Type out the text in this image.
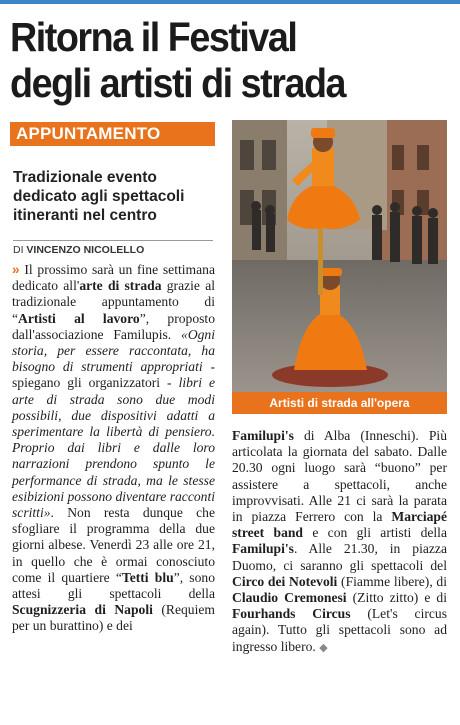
Ritorna il Festival
degli artisti di strada
APPUNTAMENTO
Tradizionale evento dedicato agli spettacoli itineranti nel centro
DI VINCENZO NICOLELLO

» Il prossimo sarà un fine settimana dedicato all'arte di strada grazie al tradizionale appuntamento di “Artisti al lavoro”, proposto dall'associazione Familupis. «Ogni storia, per essere raccontata, ha bisogno di strumenti appropriati - spiegano gli organizzatori - libri e arte di strada sono due modi possibili, due dispositivi adatti a sperimentare la libertà di pensiero. Proprio dai libri e dalle loro narrazioni prendono spunto le performance di strada, ma le stesse esibizioni possono diventare racconti scritti». Non resta dunque che sfogliare il programma della due giorni albese. Venerdì 23 alle ore 21, in quello che è ormai conosciuto come il quartiere “Tetti blu”, sono attesi gli spettacoli della Scugnizzeria di Napoli (Requiem per un burattino) e dei

Artisti di strada all'opera

Familupi's di Alba (Inneschi). Più articolata la giornata del sabato. Dalle 20.30 ogni luogo sarà “buono” per assistere a spettacoli, anche improvvisati. Alle 21 ci sarà la parata in piazza Ferrero con la Marciapé street band e con gli artisti della Familupi's. Alle 21.30, in piazza Duomo, ci saranno gli spettacoli del Circo dei Notevoli (Fiamme libere), di Claudio Cremonesi (Zitto zitto) e di Fourhands Circus (Let's circus again). Tutto gli spettacoli sono ad ingresso libero. ◆
